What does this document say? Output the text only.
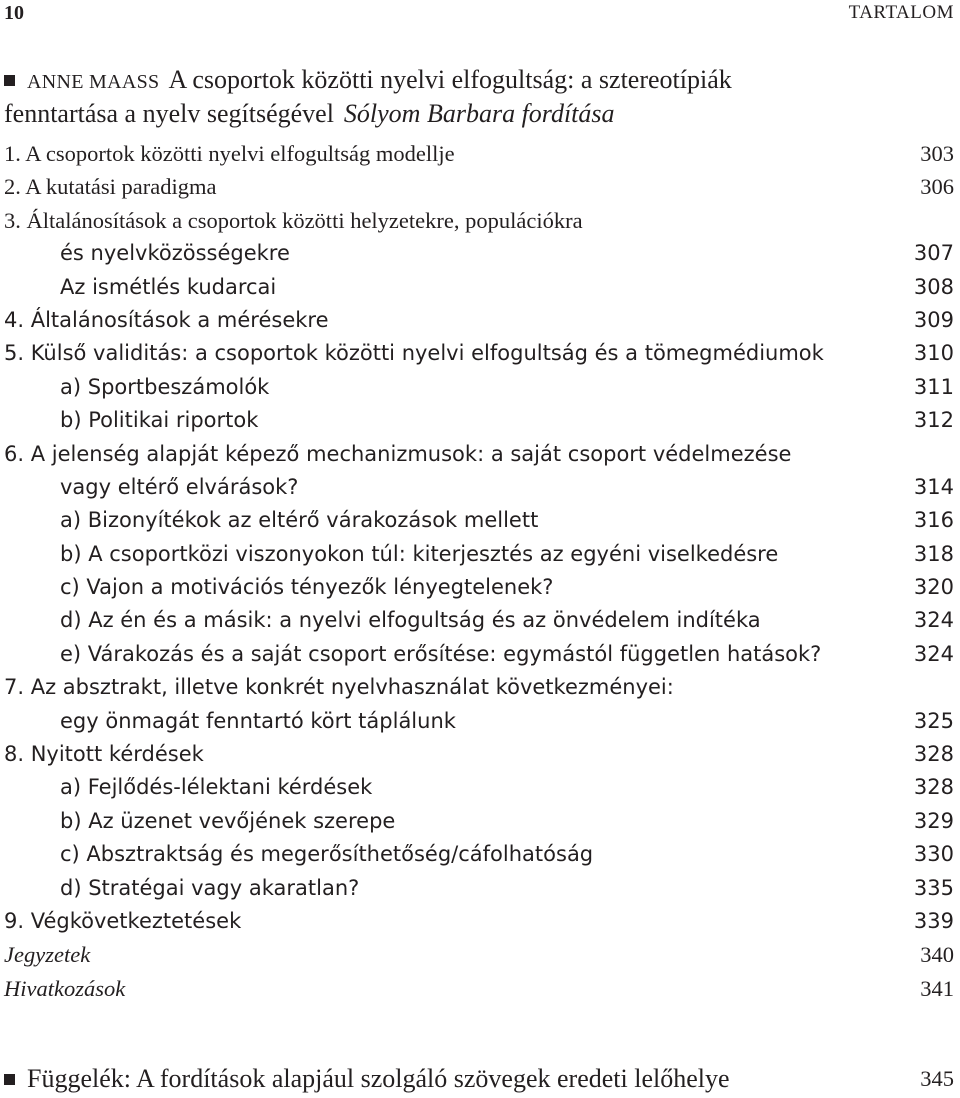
10	TARTALOM
ANNE MAASS A csoportok közötti nyelvi elfogultság: a sztereotípiák
fenntartása a nyelv segítségével Sólyom Barbara fordítása
1. A csoportok közötti nyelvi elfogultság modellje	303
2. A kutatási paradigma	306
3. Általánosítások a csoportok közötti helyzetekre, populációkra
és nyelvközösségekre	307
Az ismétlés kudarcai	308
4. Általánosítások a mérésekre	309
5. Külső validitás: a csoportok közötti nyelvi elfogultság és a tömegmédiumok	310
a) Sportbeszámolók	311
b) Politikai riportok	312
6. A jelenség alapját képező mechanizmusok: a saját csoport védelmezése
vagy eltérő elvárások?	314
a) Bizonyítékok az eltérő várakozások mellett	316
b) A csoportközi viszonyokon túl: kiterjesztés az egyéni viselkedésre	318
c) Vajon a motivációs tényezők lényegtelenek?	320
d) Az én és a másik: a nyelvi elfogultság és az önvédelem indítéka	324
e) Várakozás és a saját csoport erősítése: egymástól független hatások?	324
7. Az absztrakt, illetve konkrét nyelvhasználat következményei:
egy önmagát fenntartó kört táplálunk	325
8. Nyitott kérdések	328
a) Fejlődés-lélektani kérdések	328
b) Az üzenet vevőjének szerepe	329
c) Absztraktság és megerősíthetőség/cáfolhatóság	330
d) Stratégai vagy akaratlan?	335
9. Végkövetkeztetések	339
Jegyzetek	340
Hivatkozások	341
Függelék: A fordítások alapjául szolgáló szövegek eredeti lelőhelye	345
